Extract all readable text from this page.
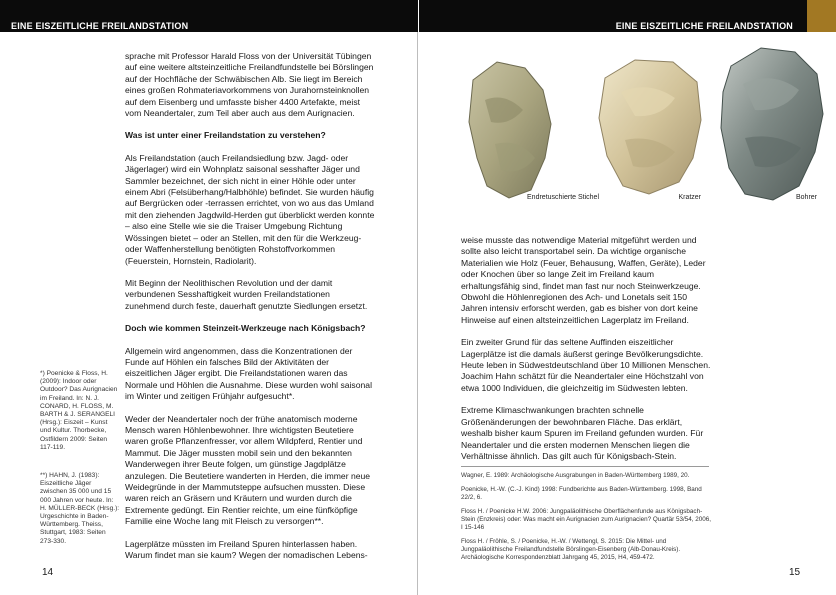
EINE EISZEITLICHE FREILANDSTATION

sprache mit Professor Harald Floss von der Universität Tübingen auf eine weitere altsteinzeitliche Freilandfundstelle bei Börslingen auf der Hochfläche der Schwäbischen Alb. Sie liegt im Bereich eines großen Rohmateriavorkommens von Jurahornsteinknollen auf dem Eisenberg und umfasste bisher 4400 Artefakte, meist vom Neandertaler, zum Teil aber auch aus dem Aurignacien.

Was ist unter einer Freilandstation zu verstehen?

Als Freilandstation (auch Freilandsiedlung bzw. Jagd- oder Jägerlager) wird ein Wohnplatz saisonal sesshafter Jäger und Sammler bezeichnet, der sich nicht in einer Höhle oder unter einem Abri (Felsüberhang/Halbhöhle) befindet. Sie wurden häufig auf Bergrücken oder -terrassen errichtet, von wo aus das Umland mit den ziehenden Jagdwild-Herden gut überblickt werden konnte – also eine Stelle wie sie die Traiser Umgebung Richtung Wössingen bietet – oder an Stellen, mit den für die Werkzeug- oder Waffenherstellung benötigten Rohstoffvorkommen (Feuerstein, Hornstein, Radiolarit).

Mit Beginn der Neolithischen Revolution und der damit verbundenen Sesshaftigkeit wurden Freilandstationen zunehmend durch feste, dauerhaft genutzte Siedlungen ersetzt.

Doch wie kommen Steinzeit-Werkzeuge nach Königsbach?

Allgemein wird angenommen, dass die Konzentrationen der Funde auf Höhlen ein falsches Bild der Aktivitäten der eiszeitlichen Jäger ergibt. Die Freilandstationen waren das Normale und Höhlen die Ausnahme. Diese wurden wohl saisonal im Winter und zeitigen Frühjahr aufgesucht*.

Weder der Neandertaler noch der frühe anatomisch moderne Mensch waren Höhlenbewohner. Ihre wichtigsten Beutetiere waren große Pflanzenfresser, vor allem Wildpferd, Rentier und Mammut. Die Jäger mussten mobil sein und den bekannten Wanderwegen ihrer Beute folgen, um günstige Jagdplätze anzulegen. Die Beutetiere wanderten in Herden, die immer neue Weidegründe in der Mammutsteppe aufsuchen mussten. Diese waren reich an Gräsern und Kräutern und wurden durch die Extremente gedüngt. Ein Rentier reichte, um eine fünfköpfige Familie eine Woche lang mit Fleisch zu versorgen**.

Lagerplätze müssten im Freiland Spuren hinterlassen haben. Warum findet man sie kaum? Wegen der nomadischen Lebens-

*) Poenicke & Floss, H. (2009): Indoor oder Outdoor? Das Aurignacien im Freiland. In: N. J. CONARD, H. FLOSS, M. BARTH & J. SERANGELI (Hrsg.): Eiszeit – Kunst und Kultur. Thorbecke, Ostfildern 2009: Seiten 117-119.

**) HAHN, J. (1983): Eiszeitliche Jäger zwischen 35 000 und 15 000 Jahren vor heute. In: H. MÜLLER-BECK (Hrsg.): Urgeschichte in Baden-Württemberg. Theiss, Stuttgart, 1983: Seiten 273-330.

14
EINE EISZEITLICHE FREILANDSTATION
Endretuschierte Stichel	Kratzer	Bohrer

weise musste das notwendige Material mitgeführt werden und sollte also leicht transportabel sein. Da wichtige organische Materialien wie Holz (Feuer, Behausung, Waffen, Geräte), Leder oder Knochen über so lange Zeit im Freiland kaum erhaltungsfähig sind, findet man fast nur noch Steinwerkzeuge. Obwohl die Höhlenregionen des Ach- und Lonetals seit 150 Jahren intensiv erforscht werden, gab es bisher von dort keine Hinweise auf einen altsteinzeitlichen Lagerplatz im Freiland.

Ein zweiter Grund für das seltene Auffinden eiszeitlicher Lagerplätze ist die damals äußerst geringe Bevölkerungsdichte. Heute leben in Südwestdeutschland über 10 Millionen Menschen. Joachim Hahn schätzt für die Neandertaler eine Höchstzahl von etwa 1000 Individuen, die gleichzeitig im Südwesten lebten.

Extreme Klimaschwankungen brachten schnelle Größenänderungen der bewohnbaren Fläche. Das erklärt, weshalb bisher kaum Spuren im Freiland gefunden wurden. Für Neandertaler und die ersten modernen Menschen liegen die Verhältnisse ähnlich. Das gilt auch für Königsbach-Stein.

Wagner, E. 1989: Archäologische Ausgrabungen in Baden-Württemberg 1989, 20.

Poenicke, H.-W. (C.-J. Kind) 1998: Fundberichte aus Baden-Württemberg. 1998, Band 22/2, 6.

Floss H. / Poenicke H.W. 2006: Jungpaläolithische Oberflächenfunde aus Königsbach-Stein (Enzkreis) oder: Was macht ein Aurignacien zum Aurignacien? Quartär 53/54, 2006, I 15-146

Floss H. / Fröhle, S. / Poenicke, H.-W. / Wettengl, S. 2015: Die Mittel- und Jungpaläolithische Freilandfundstelle Börslingen-Eisenberg (Alb-Donau-Kreis). Archäologische Korrespondenzblatt Jahrgang 45, 2015, H4, 459-472.

15
